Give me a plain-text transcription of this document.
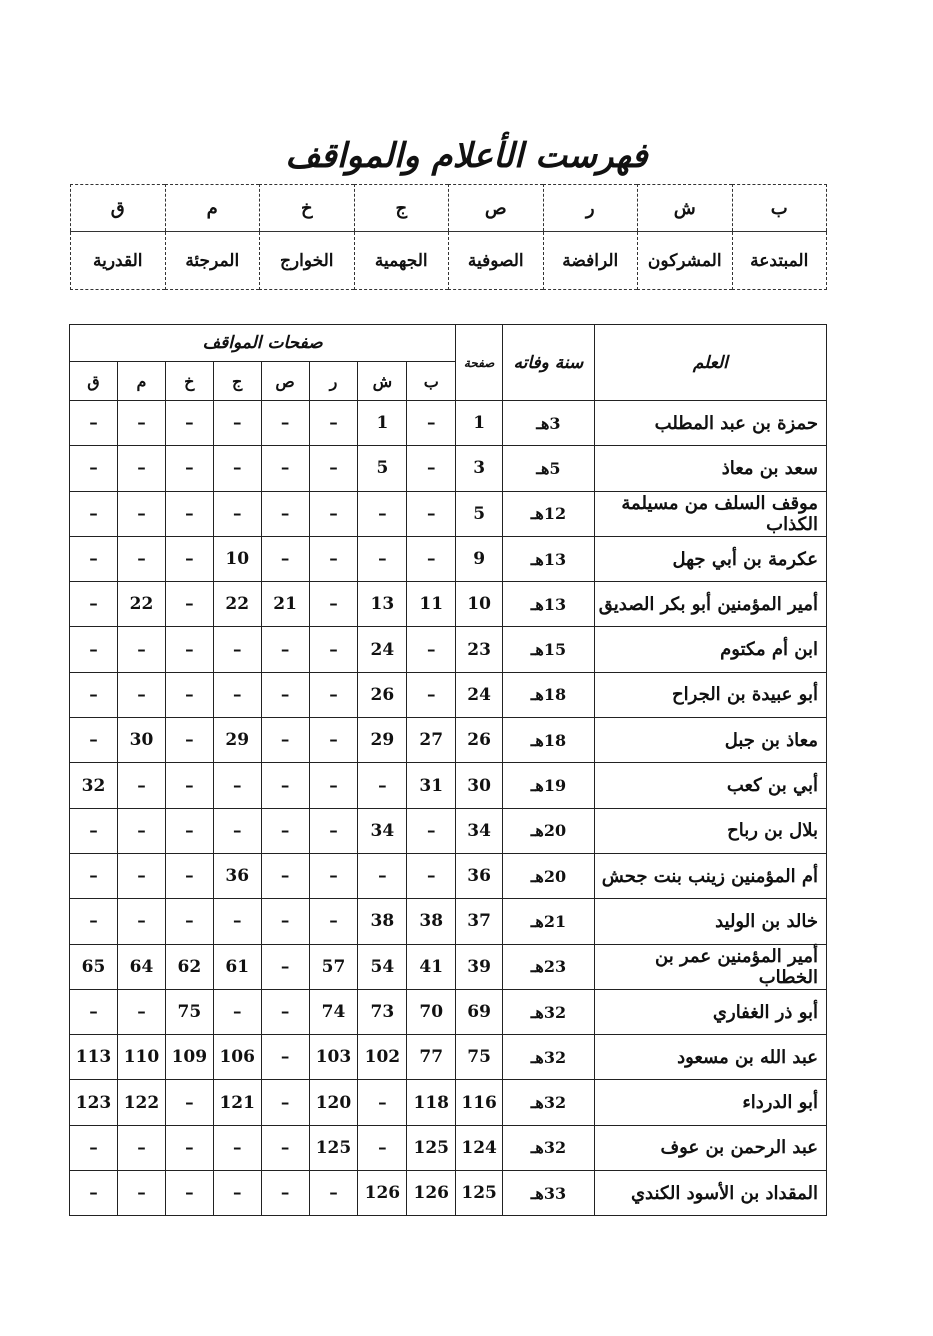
فهرست الأعلام والمواقف
ب	ش	ر	ص	ج	خ	م	ق
المبتدعة	المشركون	الرافضة	الصوفية	الجهمية	الخوارج	المرجئة	القدرية
العلم	سنة وفاته	صفحة	صفحات المواقف							
			ب	ش	ر	ص	ج	خ	م	ق
حمزة بن عبد المطلب	3هـ	1	–	1	–	–	–	–	–	–
سعد بن معاذ	5هـ	3	–	5	–	–	–	–	–	–
موقف السلف من مسيلمة الكذاب	12هـ	5	–	–	–	–	–	–	–	–
عكرمة بن أبي جهل	13هـ	9	–	–	–	–	10	–	–	–
أمير المؤمنين أبو بكر الصديق	13هـ	10	11	13	–	21	22	–	22	–
ابن أم مكتوم	15هـ	23	–	24	–	–	–	–	–	–
أبو عبيدة بن الجراح	18هـ	24	–	26	–	–	–	–	–	–
معاذ بن جبل	18هـ	26	27	29	–	–	29	–	30	–
أبي بن كعب	19هـ	30	31	–	–	–	–	–	–	32
بلال بن رباح	20هـ	34	–	34	–	–	–	–	–	–
أم المؤمنين زينب بنت جحش	20هـ	36	–	–	–	–	36	–	–	–
خالد بن الوليد	21هـ	37	38	38	–	–	–	–	–	–
أمير المؤمنين عمر بن الخطاب	23هـ	39	41	54	57	–	61	62	64	65
أبو ذر الغفاري	32هـ	69	70	73	74	–	–	75	–	–
عبد الله بن مسعود	32هـ	75	77	102	103	–	106	109	110	113
أبو الدرداء	32هـ	116	118	–	120	–	121	–	122	123
عبد الرحمن بن عوف	32هـ	124	125	–	125	–	–	–	–	–
المقداد بن الأسود الكندي	33هـ	125	126	126	–	–	–	–	–	–
